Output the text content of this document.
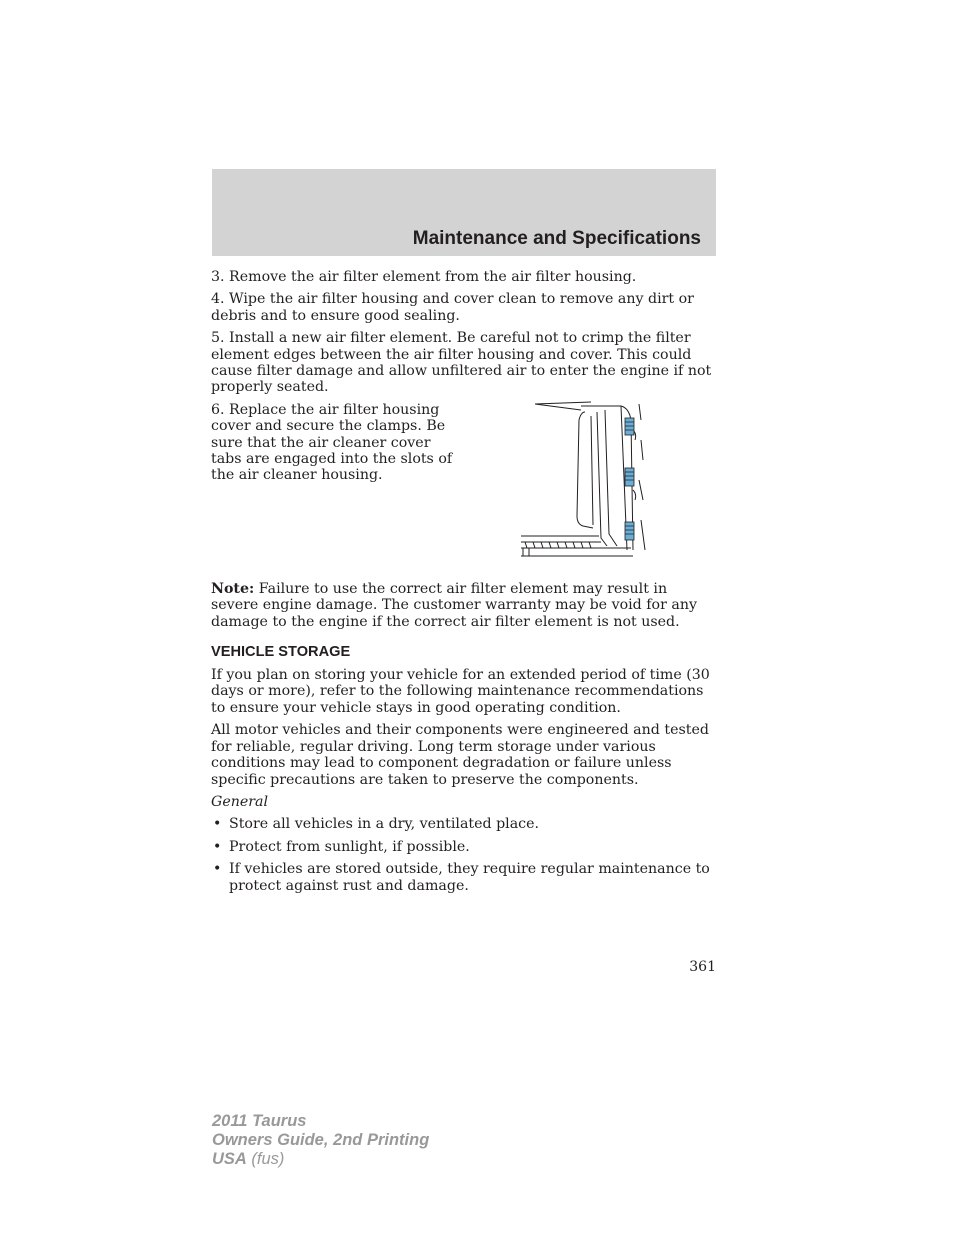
Maintenance and Specifications

3. Remove the air filter element from the air filter housing.

4. Wipe the air filter housing and cover clean to remove any dirt or debris and to ensure good sealing.

5. Install a new air filter element. Be careful not to crimp the filter element edges between the air filter housing and cover. This could cause filter damage and allow unfiltered air to enter the engine if not properly seated.

6. Replace the air filter housing cover and secure the clamps. Be sure that the air cleaner cover tabs are engaged into the slots of the air cleaner housing.

Note: Failure to use the correct air filter element may result in severe engine damage. The customer warranty may be void for any damage to the engine if the correct air filter element is not used.

VEHICLE STORAGE

If you plan on storing your vehicle for an extended period of time (30 days or more), refer to the following maintenance recommendations to ensure your vehicle stays in good operating condition.

All motor vehicles and their components were engineered and tested for reliable, regular driving. Long term storage under various conditions may lead to component degradation or failure unless specific precautions are taken to preserve the components.

General
• Store all vehicles in a dry, ventilated place.
• Protect from sunlight, if possible.
• If vehicles are stored outside, they require regular maintenance to protect against rust and damage.
361
2011 Taurus
Owners Guide, 2nd Printing
USA (fus)
